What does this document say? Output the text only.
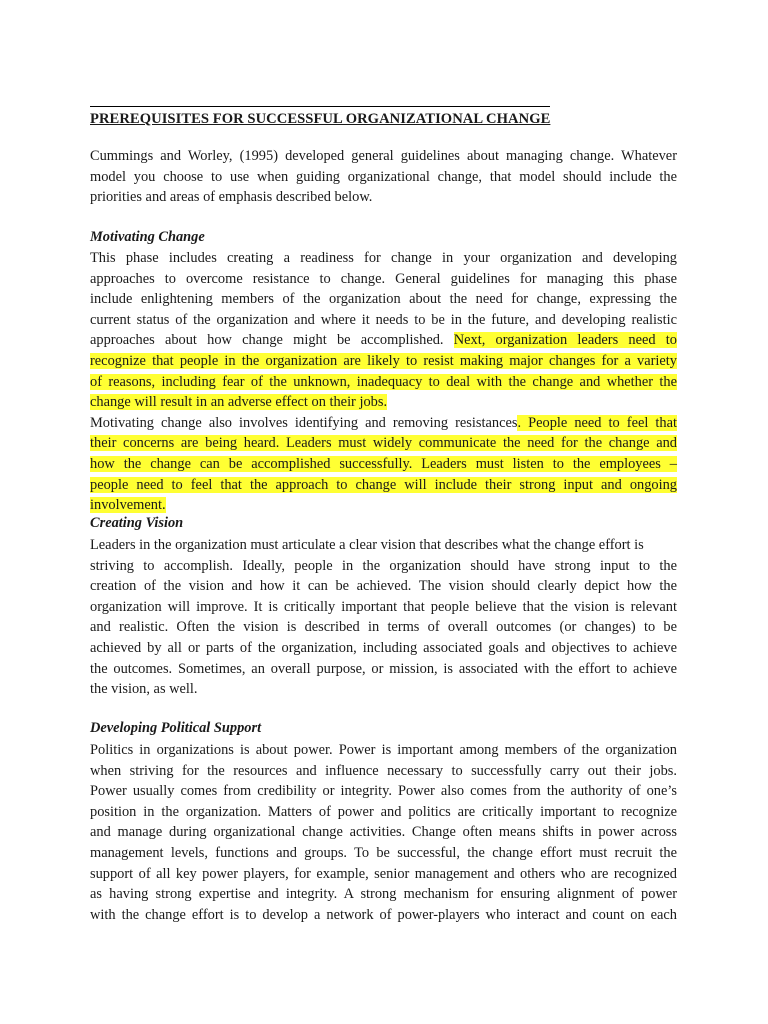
PREREQUISITES FOR SUCCESSFUL ORGANIZATIONAL CHANGE
Cummings and Worley, (1995) developed general guidelines about managing change. Whatever
model you choose to use when guiding organizational change, that model should include the
priorities and areas of emphasis described below.
Motivating Change
This phase includes creating a readiness for change in your organization and developing
approaches to overcome resistance to change. General guidelines for managing this phase
include enlightening members of the organization about the need for change, expressing the
current status of the organization and where it needs to be in the future, and developing realistic
approaches about how change might be accomplished. Next, organization leaders need to
recognize that people in the organization are likely to resist making major changes for a variety
of reasons, including fear of the unknown, inadequacy to deal with the change and whether the
change will result in an adverse effect on their jobs.
Motivating change also involves identifying and removing resistances. People need to feel that
their concerns are being heard. Leaders must widely communicate the need for the change and
how the change can be accomplished successfully. Leaders must listen to the employees –
people need to feel that the approach to change will include their strong input and ongoing
involvement.
Creating Vision
Leaders in the organization must articulate a clear vision that describes what the change effort is
striving to accomplish. Ideally, people in the organization should have strong input to the
creation of the vision and how it can be achieved. The vision should clearly depict how the
organization will improve. It is critically important that people believe that the vision is relevant
and realistic. Often the vision is described in terms of overall outcomes (or changes) to be
achieved by all or parts of the organization, including associated goals and objectives to achieve
the outcomes. Sometimes, an overall purpose, or mission, is associated with the effort to achieve
the vision, as well.
Developing Political Support
Politics in organizations is about power. Power is important among members of the organization
when striving for the resources and influence necessary to successfully carry out their jobs.
Power usually comes from credibility or integrity. Power also comes from the authority of one’s
position in the organization. Matters of power and politics are critically important to recognize
and manage during organizational change activities. Change often means shifts in power across
management levels, functions and groups. To be successful, the change effort must recruit the
support of all key power players, for example, senior management and others who are recognized
as having strong expertise and integrity. A strong mechanism for ensuring alignment of power
with the change effort is to develop a network of power-players who interact and count on each
